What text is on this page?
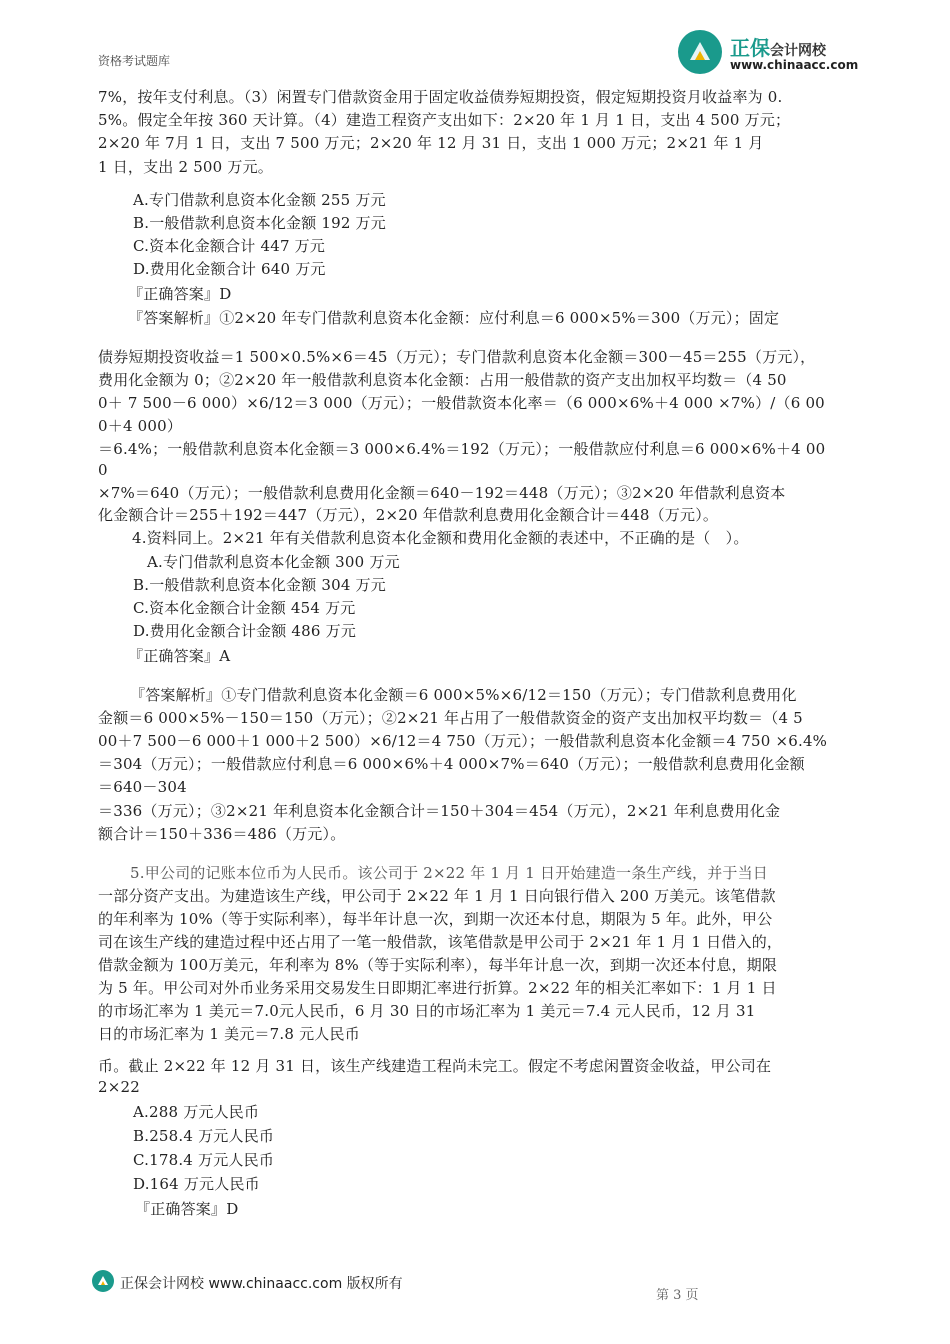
资格考试题库
正保会计网校
www.chinaacc.com
7%，按年支付利息。（3）闲置专门借款资金用于固定收益债券短期投资，假定短期投资月收益率为 0.
5%。假定全年按 360 天计算。（4）建造工程资产支出如下：2×20 年 1 月 1 日，支出 4 500 万元；
2×20 年 7月 1 日，支出 7 500 万元；2×20 年 12 月 31 日，支出 1 000 万元；2×21 年 1 月
1 日，支出 2 500 万元。
A.专门借款利息资本化金额 255 万元
B.一般借款利息资本化金额 192 万元
C.资本化金额合计 447 万元
D.费用化金额合计 640 万元
『正确答案』D
『答案解析』①2×20 年专门借款利息资本化金额：应付利息＝6 000×5%＝300（万元）；固定
债券短期投资收益＝1 500×0.5%×6＝45（万元）；专门借款利息资本化金额＝300－45＝255（万元），
费用化金额为 0；②2×20 年一般借款利息资本化金额：占用一般借款的资产支出加权平均数＝（4 50
0＋ 7 500－6 000）×6/12＝3 000（万元）；一般借款资本化率＝（6 000×6%＋4 000 ×7%）/（6 00
0＋4 000）
＝6.4%；一般借款利息资本化金额＝3 000×6.4%＝192（万元）；一般借款应付利息＝6 000×6%＋4 00
0
×7%＝640（万元）；一般借款利息费用化金额＝640－192＝448（万元）；③2×20 年借款利息资本
化金额合计＝255＋192＝447（万元），2×20 年借款利息费用化金额合计＝448（万元）。
4.资料同上。2×21 年有关借款利息资本化金额和费用化金额的表述中，不正确的是（　）。
A.专门借款利息资本化金额 300 万元
B.一般借款利息资本化金额 304 万元
C.资本化金额合计金额 454 万元
D.费用化金额合计金额 486 万元
『正确答案』A
『答案解析』①专门借款利息资本化金额＝6 000×5%×6/12＝150（万元）；专门借款利息费用化
金额＝6 000×5%－150＝150（万元）；②2×21 年占用了一般借款资金的资产支出加权平均数＝（4 5
00＋7 500－6 000＋1 000＋2 500）×6/12＝4 750（万元）；一般借款利息资本化金额＝4 750 ×6.4%
＝304（万元）；一般借款应付利息＝6 000×6%＋4 000×7%＝640（万元）；一般借款利息费用化金额
＝640－304
＝336（万元）；③2×21 年利息资本化金额合计＝150＋304＝454（万元），2×21 年利息费用化金
额合计＝150＋336＝486（万元）。
5.甲公司的记账本位币为人民币。该公司于 2×22 年 1 月 1 日开始建造一条生产线，并于当日
一部分资产支出。为建造该生产线，甲公司于 2×22 年 1 月 1 日向银行借入 200 万美元。该笔借款
的年利率为 10%（等于实际利率），每半年计息一次，到期一次还本付息，期限为 5 年。此外，甲公
司在该生产线的建造过程中还占用了一笔一般借款，该笔借款是甲公司于 2×21 年 1 月 1 日借入的，
借款金额为 100万美元，年利率为 8%（等于实际利率），每半年计息一次，到期一次还本付息，期限
为 5 年。甲公司对外币业务采用交易发生日即期汇率进行折算。2×22 年的相关汇率如下：1 月 1 日
的市场汇率为 1 美元＝7.0元人民币，6 月 30 日的市场汇率为 1 美元＝7.4 元人民币，12 月 31
日的市场汇率为 1 美元＝7.8 元人民币
币。截止 2×22 年 12 月 31 日，该生产线建造工程尚未完工。假定不考虑闲置资金收益，甲公司在
2×22
A.288 万元人民币
B.258.4 万元人民币
C.178.4 万元人民币
D.164 万元人民币
『正确答案』D
正保会计网校 www.chinaacc.com 版权所有
第 3 页
